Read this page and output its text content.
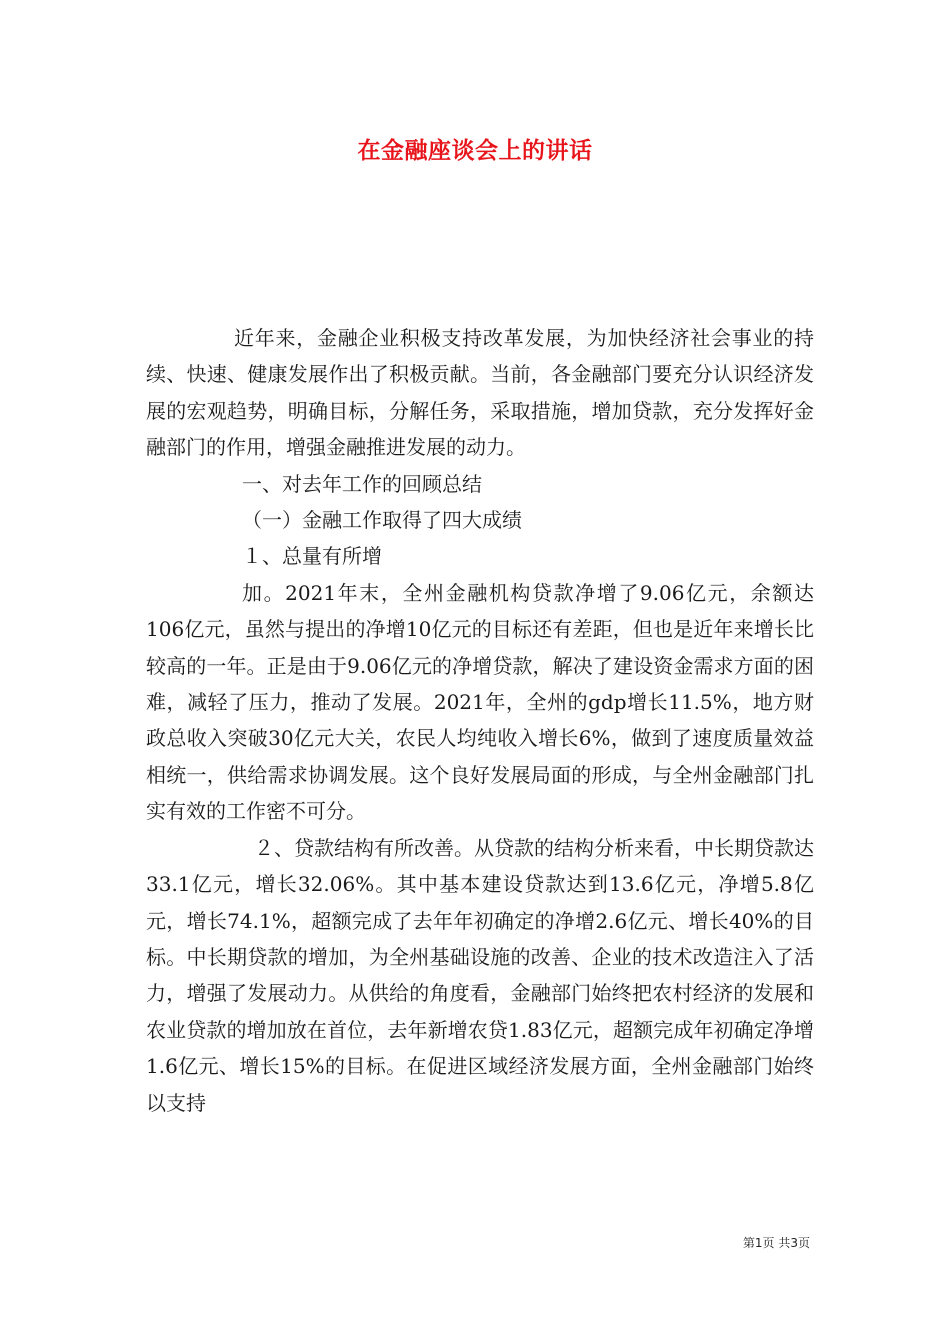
在金融座谈会上的讲话

近年来，金融企业积极支持改革发展，为加快经济社会事业的持续、快速、健康发展作出了积极贡献。当前，各金融部门要充分认识经济发展的宏观趋势，明确目标，分解任务，采取措施，增加贷款，充分发挥好金融部门的作用，增强金融推进发展的动力。

一、对去年工作的回顾总结

（一）金融工作取得了四大成绩

１、总量有所增

加。2021年末，全州金融机构贷款净增了9.06亿元，余额达106亿元，虽然与提出的净增10亿元的目标还有差距，但也是近年来增长比较高的一年。正是由于9.06亿元的净增贷款，解决了建设资金需求方面的困难，减轻了压力，推动了发展。2021年，全州的gdp增长11.5%，地方财政总收入突破30亿元大关，农民人均纯收入增长6%，做到了速度质量效益相统一，供给需求协调发展。这个良好发展局面的形成，与全州金融部门扎实有效的工作密不可分。

２、贷款结构有所改善。从贷款的结构分析来看，中长期贷款达33.1亿元，增长32.06%。其中基本建设贷款达到13.6亿元，净增5.8亿元，增长74.1%，超额完成了去年年初确定的净增2.6亿元、增长40%的目标。中长期贷款的增加，为全州基础设施的改善、企业的技术改造注入了活力，增强了发展动力。从供给的角度看，金融部门始终把农村经济的发展和农业贷款的增加放在首位，去年新增农贷1.83亿元，超额完成年初确定净增1.6亿元、增长15%的目标。在促进区域经济发展方面，全州金融部门始终以支持

第1页 共3页
